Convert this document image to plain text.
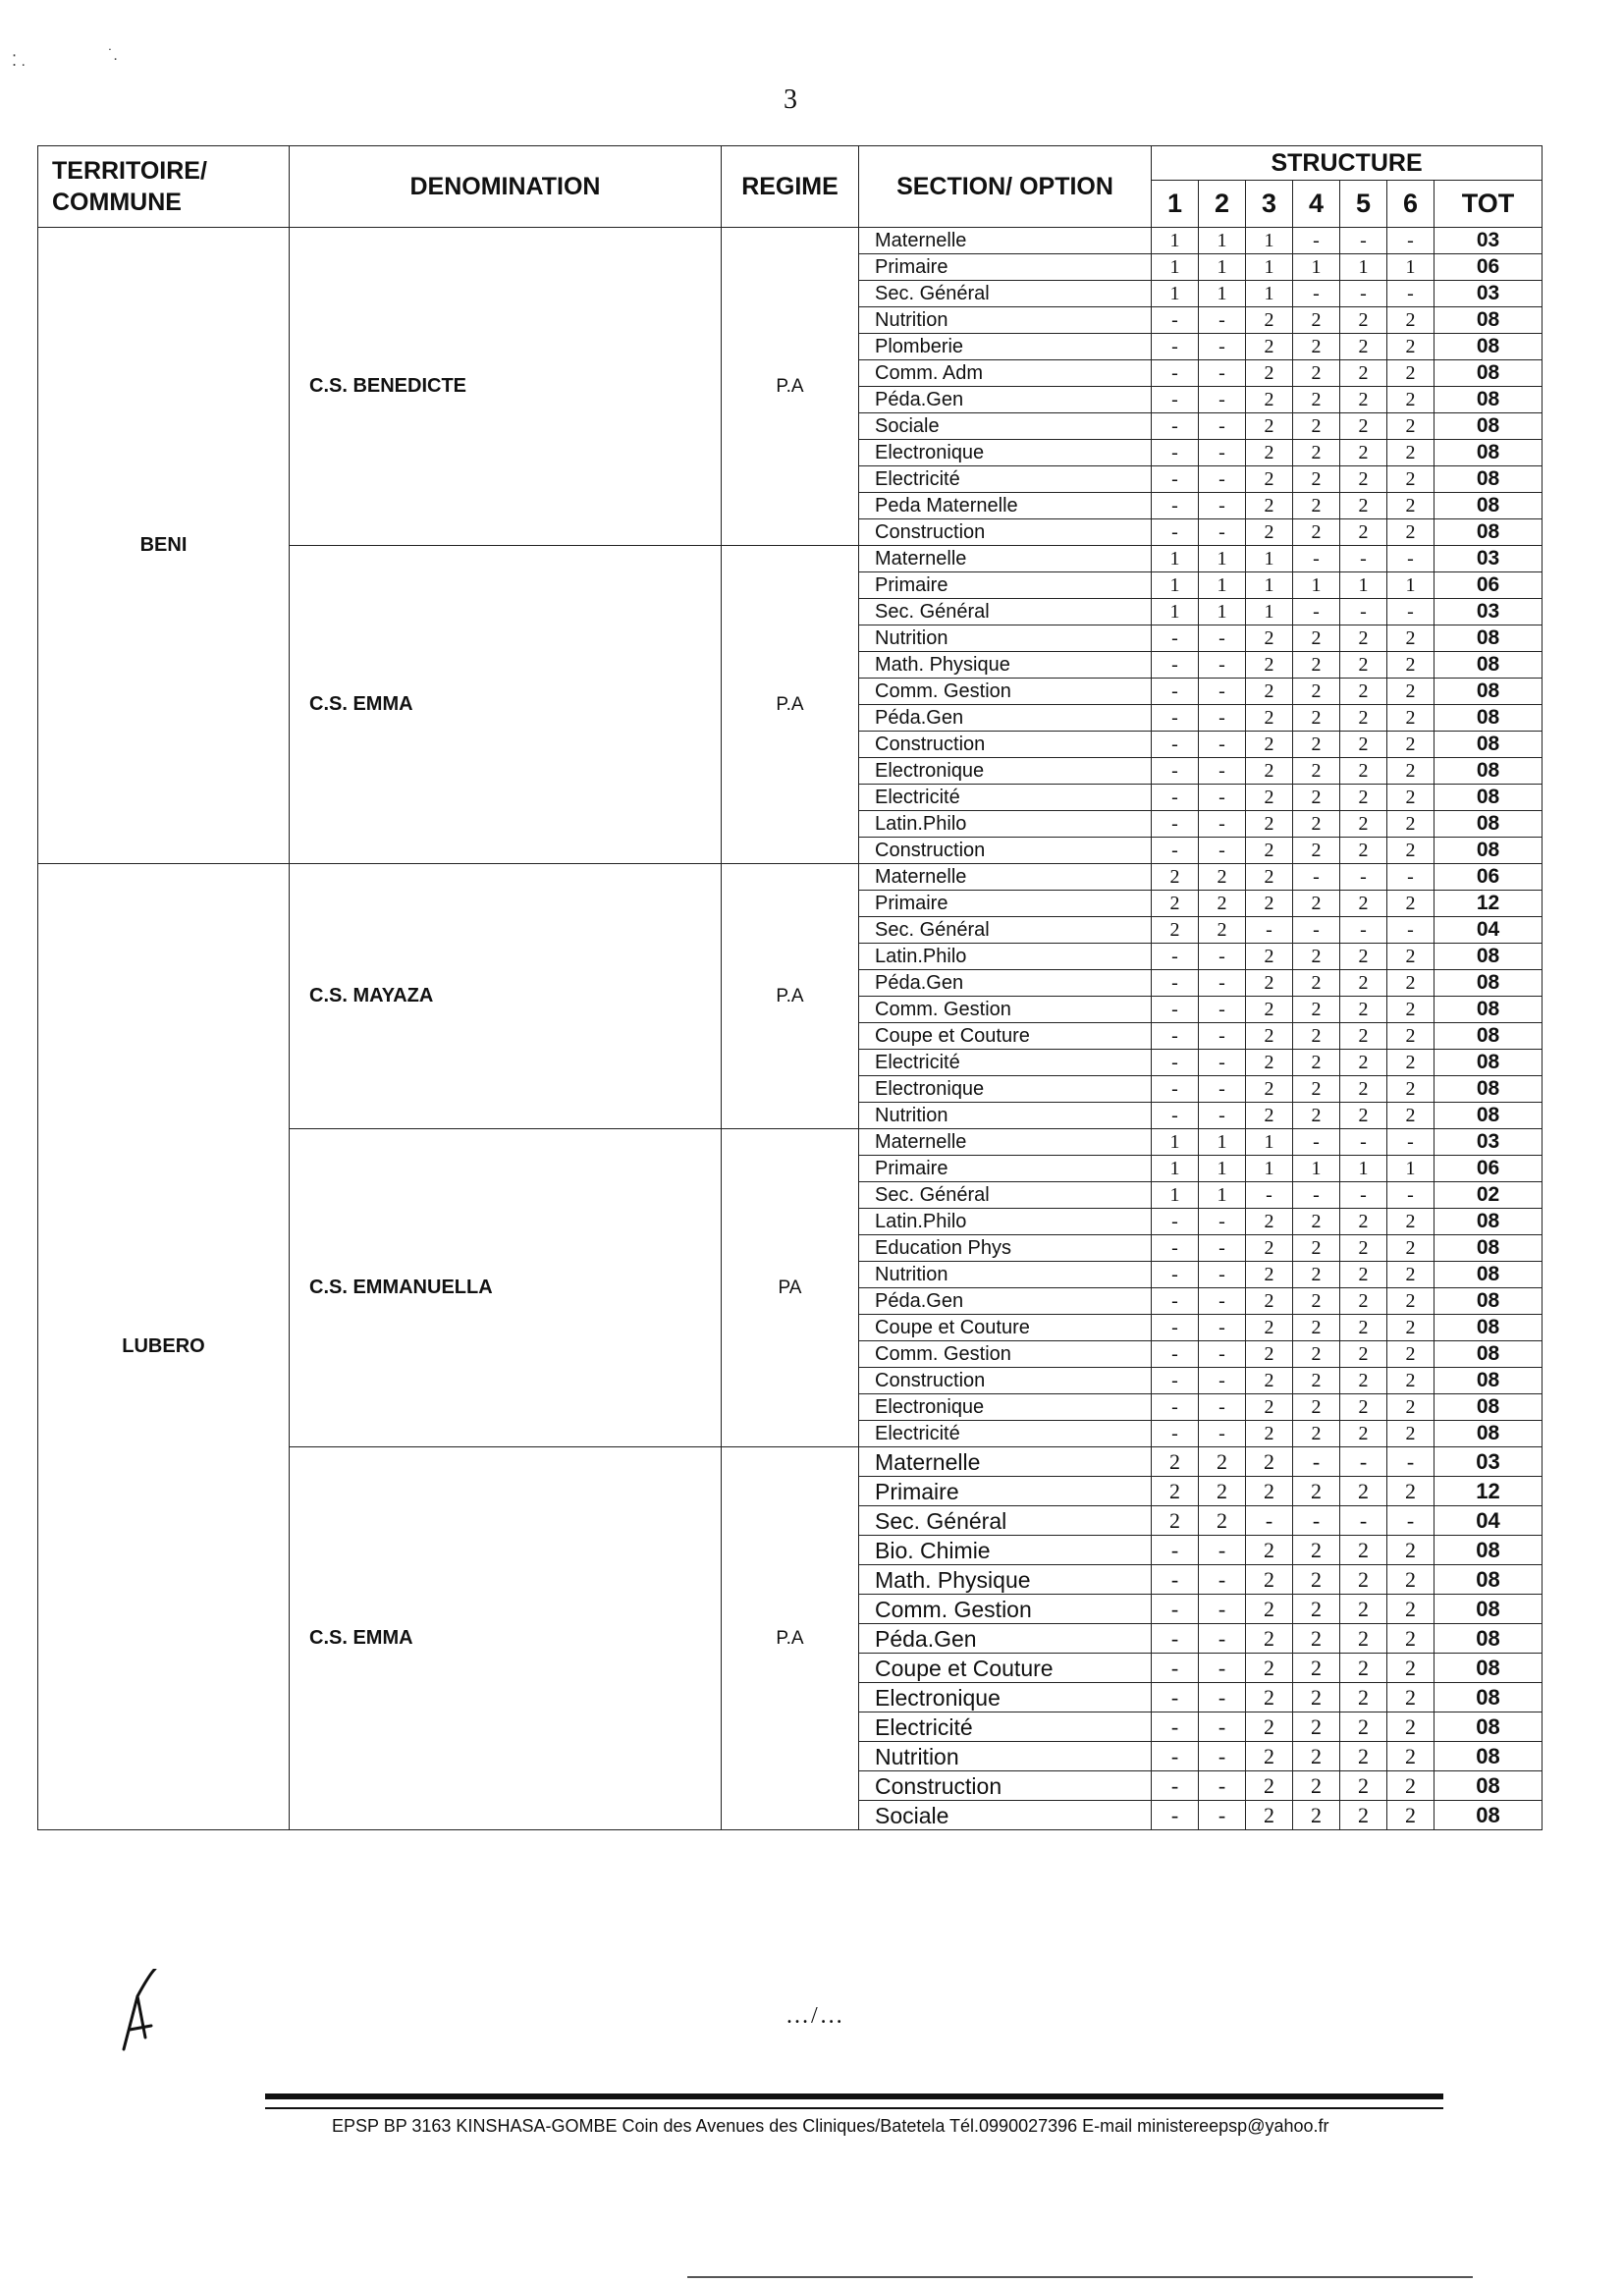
3
⁚ .	˙.
TERRITOIRE/ COMMUNE	DENOMINATION	REGIME	SECTION/ OPTION	STRUCTURE						
				1	2	3	4	5	6	TOT
BENI	C.S. BENEDICTE	P.A	Maternelle	1	1	1	-	-	-	03
			Primaire	1	1	1	1	1	1	06
			Sec. Général	1	1	1	-	-	-	03
			Nutrition	-	-	2	2	2	2	08
			Plomberie	-	-	2	2	2	2	08
			Comm. Adm	-	-	2	2	2	2	08
			Péda.Gen	-	-	2	2	2	2	08
			Sociale	-	-	2	2	2	2	08
			Electronique	-	-	2	2	2	2	08
			Electricité	-	-	2	2	2	2	08
			Peda Maternelle	-	-	2	2	2	2	08
			Construction	-	-	2	2	2	2	08
	C.S. EMMA	P.A	Maternelle	1	1	1	-	-	-	03
			Primaire	1	1	1	1	1	1	06
			Sec. Général	1	1	1	-	-	-	03
			Nutrition	-	-	2	2	2	2	08
			Math. Physique	-	-	2	2	2	2	08
			Comm. Gestion	-	-	2	2	2	2	08
			Péda.Gen	-	-	2	2	2	2	08
			Construction	-	-	2	2	2	2	08
			Electronique	-	-	2	2	2	2	08
			Electricité	-	-	2	2	2	2	08
			Latin.Philo	-	-	2	2	2	2	08
			Construction	-	-	2	2	2	2	08
LUBERO	C.S. MAYAZA	P.A	Maternelle	2	2	2	-	-	-	06
			Primaire	2	2	2	2	2	2	12
			Sec. Général	2	2	-	-	-	-	04
			Latin.Philo	-	-	2	2	2	2	08
			Péda.Gen	-	-	2	2	2	2	08
			Comm. Gestion	-	-	2	2	2	2	08
			Coupe et Couture	-	-	2	2	2	2	08
			Electricité	-	-	2	2	2	2	08
			Electronique	-	-	2	2	2	2	08
			Nutrition	-	-	2	2	2	2	08
	C.S. EMMANUELLA	PA	Maternelle	1	1	1	-	-	-	03
			Primaire	1	1	1	1	1	1	06
			Sec. Général	1	1	-	-	-	-	02
			Latin.Philo	-	-	2	2	2	2	08
			Education Phys	-	-	2	2	2	2	08
			Nutrition	-	-	2	2	2	2	08
			Péda.Gen	-	-	2	2	2	2	08
			Coupe et Couture	-	-	2	2	2	2	08
			Comm. Gestion	-	-	2	2	2	2	08
			Construction	-	-	2	2	2	2	08
			Electronique	-	-	2	2	2	2	08
			Electricité	-	-	2	2	2	2	08
	C.S. EMMA	P.A	Maternelle	2	2	2	-	-	-	03
			Primaire	2	2	2	2	2	2	12
			Sec. Général	2	2	-	-	-	-	04
			Bio. Chimie	-	-	2	2	2	2	08
			Math. Physique	-	-	2	2	2	2	08
			Comm. Gestion	-	-	2	2	2	2	08
			Péda.Gen	-	-	2	2	2	2	08
			Coupe et Couture	-	-	2	2	2	2	08
			Electronique	-	-	2	2	2	2	08
			Electricité	-	-	2	2	2	2	08
			Nutrition	-	-	2	2	2	2	08
			Construction	-	-	2	2	2	2	08
			Sociale	-	-	2	2	2	2	08
…/…
EPSP BP 3163 KINSHASA-GOMBE Coin des Avenues des Cliniques/Batetela Tél.0990027396 E-mail ministereepsp@yahoo.fr
